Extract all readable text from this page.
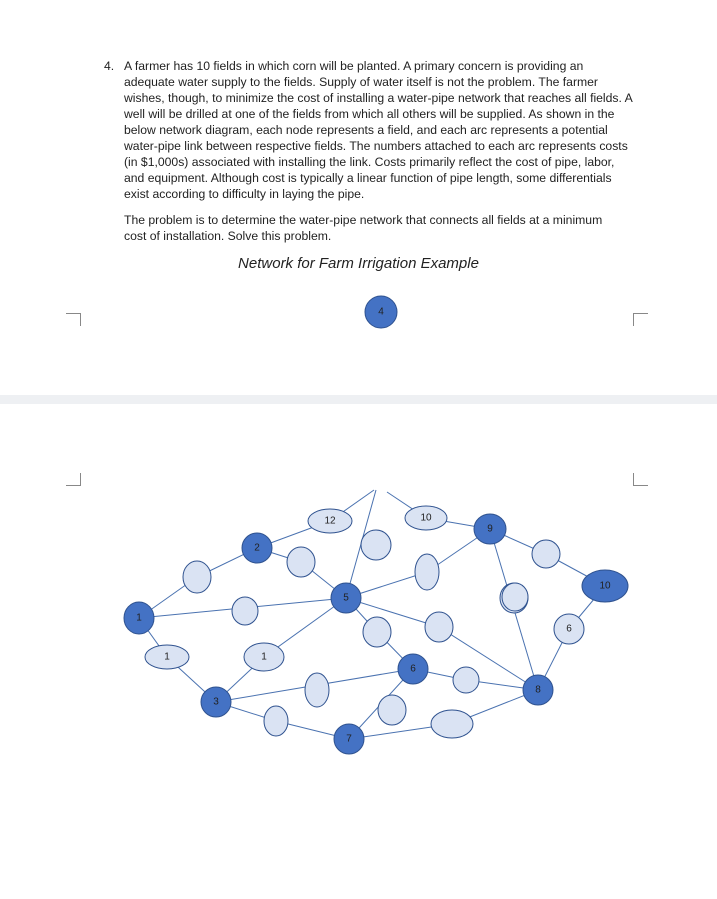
4. A farmer has 10 fields in which corn will be planted. A primary concern is providing an adequate water supply to the fields. Supply of water itself is not the problem. The farmer wishes, though, to minimize the cost of installing a water-pipe network that reaches all fields. A well will be drilled at one of the fields from which all others will be supplied. As shown in the below network diagram, each node represents a field, and each arc represents a potential water-pipe link between respective fields. The numbers attached to each arc represents costs (in $1,000s) associated with installing the link. Costs primarily reflect the cost of pipe, labor, and equipment. Although cost is typically a linear function of pipe length, some differentials exist according to difficulty in laying the pipe.
The problem is to determine the water-pipe network that connects all fields at a minimum cost of installation. Solve this problem.
Network for Farm Irrigation Example
1	1
12	10
6
4
1
2
3
5
6
7
8
9
10
